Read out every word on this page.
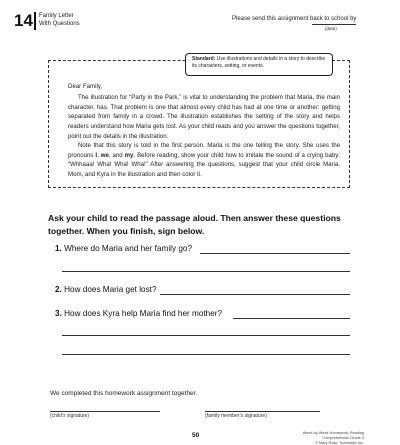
14 Family Letter
With Questions
Please send this assignment back to school by
(date)
Standard: Use illustrations and details in a story to describe its characters, setting, or events.
Dear Family,

The illustration for “Party in the Park,” is vital to understanding the problem that Maria, the main character, has. That problem is one that almost every child has had at one time or another: getting separated from family in a crowd. The illustration establishes the setting of the story and helps readers understand how Maria gets lost. As your child reads and you answer the questions together, point out the details in the illustration.

Note that this story is told in the first person. Maria is the one telling the story. She uses the pronouns I, we, and my. Before reading, show your child how to imitate the sound of a crying baby: “Whhaaa! Wha! Wha! Wha!” After answering the questions, suggest that your child circle Maria, Mom, and Kyra in the illustration and then color it.

Ask your child to read the passage aloud. Then answer these questions together. When you finish, sign below.
1. Where do Maria and her family go?
2. How does Maria get lost?
3. How does Kyra help Maria find her mother?
We completed this homework assignment together.
(child’s signature)	(family member’s signature)
50	Week-by-Week Homework: Reading Comprehension Grade 3
© Mary Rose, Scholastic Inc.
